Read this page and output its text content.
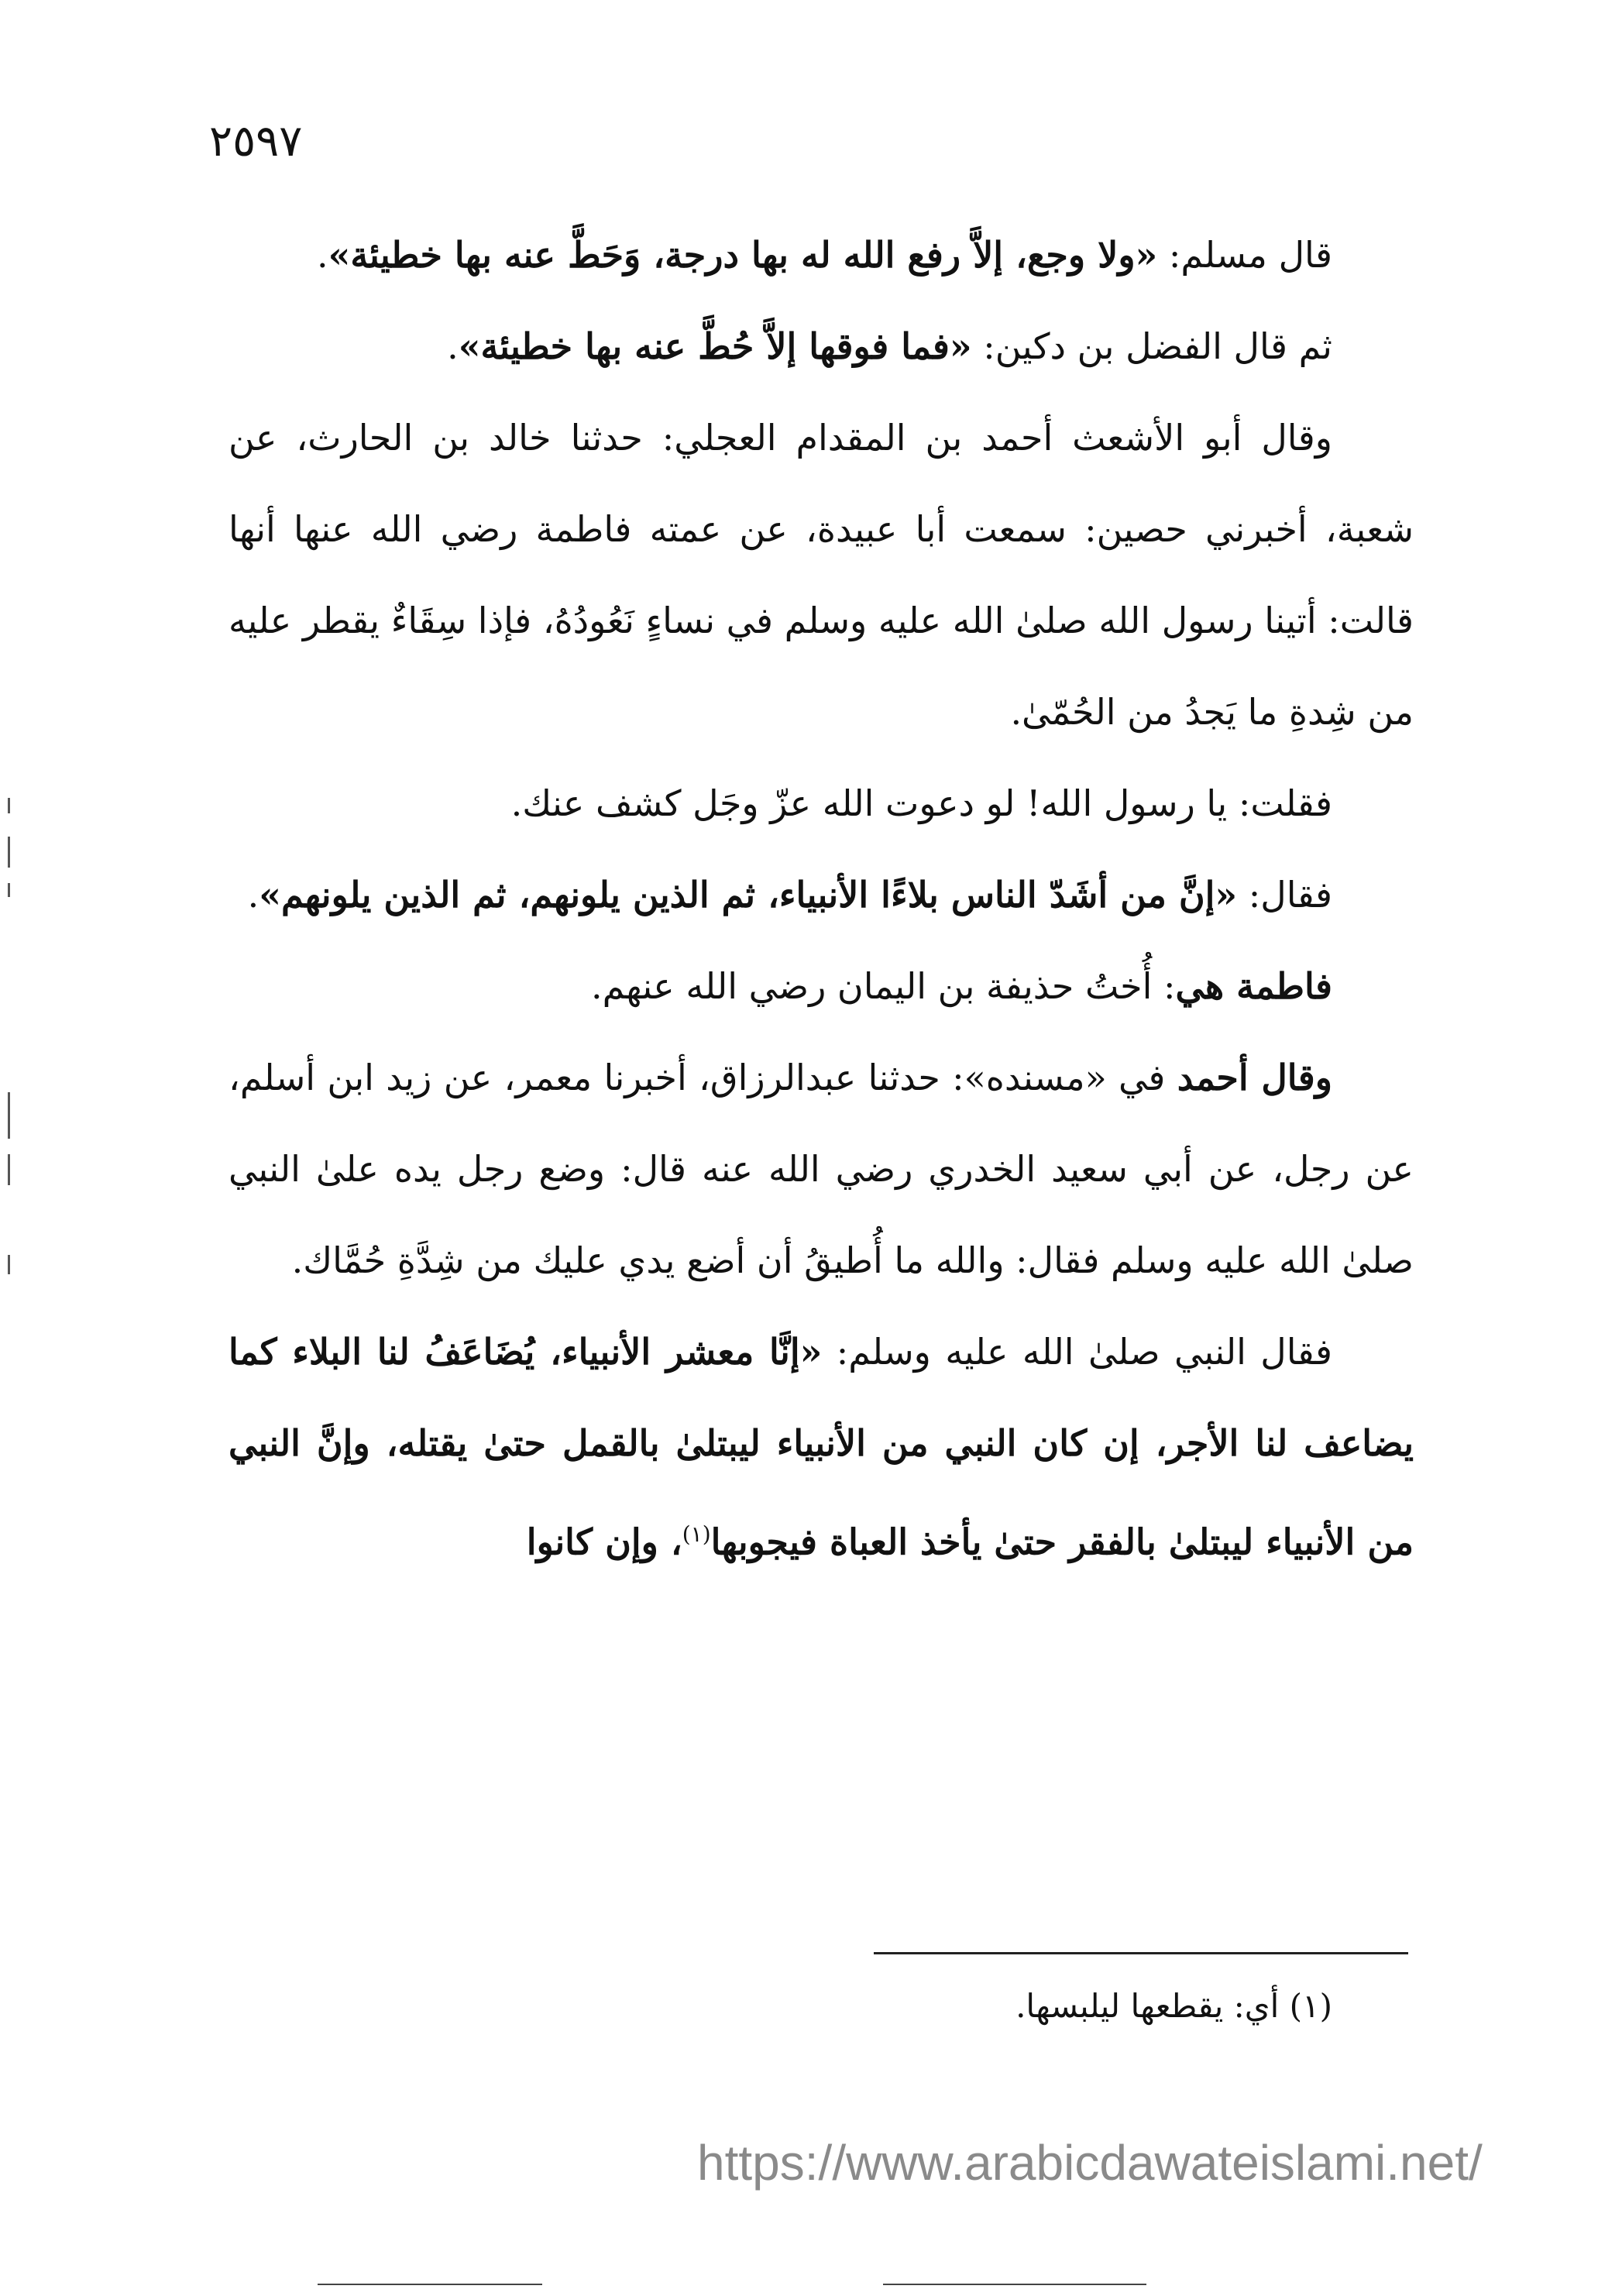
٢٥٩٧

قال مسلم: «ولا وجع، إلاَّ رفع الله له بها درجة، وَحَطَّ عنه بها خطيئة».

ثم قال الفضل بن دكين: «فما فوقها إلاَّ حُطَّ عنه بها خطيئة».

وقال أبو الأشعث أحمد بن المقدام العجلي: حدثنا خالد بن الحارث، عن شعبة، أخبرني حصين: سمعت أبا عبيدة، عن عمته فاطمة رضي الله عنها أنها قالت: أتينا رسول الله صلىٰ الله عليه وسلم في نساءٍ نَعُودُهُ، فإذا سِقَاءٌ يقطر عليه من شِدةِ ما يَجدُ من الحُمّىٰ.

فقلت: يا رسول الله! لو دعوت الله عزّ وجَل كشف عنك.

فقال: «إنَّ من أشَدّ الناس بلاءًا الأنبياء، ثم الذين يلونهم، ثم الذين يلونهم».

فاطمة هي: أُختُ حذيفة بن اليمان رضي الله عنهم.

وقال أحمد في «مسنده»: حدثنا عبدالرزاق، أخبرنا معمر، عن زيد ابن أسلم، عن رجل، عن أبي سعيد الخدري رضي الله عنه قال: وضع رجل يده علىٰ النبي صلىٰ الله عليه وسلم فقال: والله ما أُطيقُ أن أضع يدي عليك من شِدَّةِ حُمَّاك.

فقال النبي صلىٰ الله عليه وسلم: «إنَّا معشر الأنبياء، يُضَاعَفُ لنا البلاء كما يضاعف لنا الأجر، إن كان النبي من الأنبياء ليبتلىٰ بالقمل حتىٰ يقتله، وإنَّ النبي من الأنبياء ليبتلىٰ بالفقر حتىٰ يأخذ العباة فيجوبها$^{(١)}$، وإن كانوا

(١) أي: يقطعها ليلبسها.
https://www.arabicdawateislami.net/
